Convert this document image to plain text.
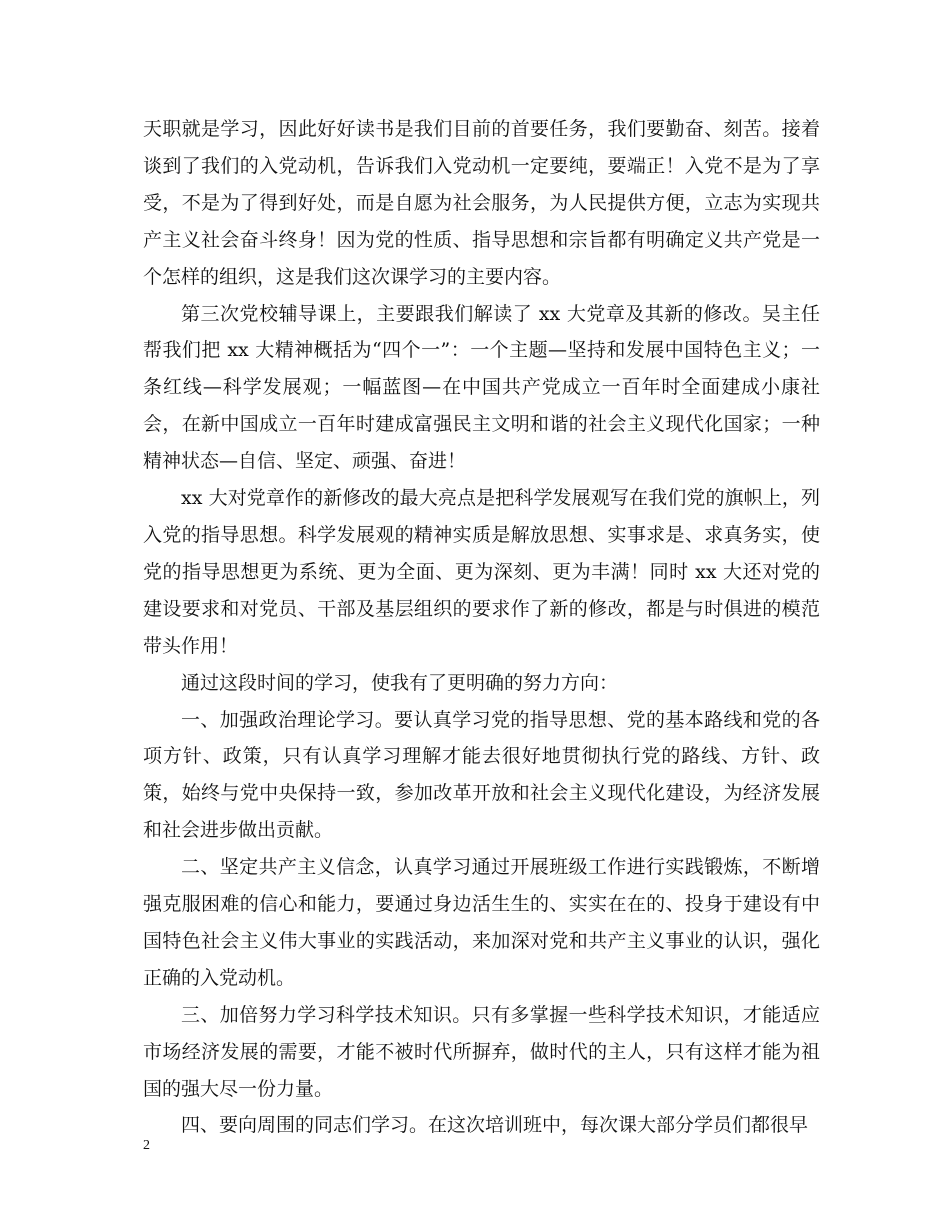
天职就是学习，因此好好读书是我们目前的首要任务，我们要勤奋、刻苦。接着谈到了我们的入党动机，告诉我们入党动机一定要纯，要端正！入党不是为了享受，不是为了得到好处，而是自愿为社会服务，为人民提供方便，立志为实现共产主义社会奋斗终身！因为党的性质、指导思想和宗旨都有明确定义共产党是一个怎样的组织，这是我们这次课学习的主要内容。

第三次党校辅导课上，主要跟我们解读了 xx 大党章及其新的修改。吴主任帮我们把 xx 大精神概括为“四个一”：一个主题—坚持和发展中国特色主义；一条红线—科学发展观；一幅蓝图—在中国共产党成立一百年时全面建成小康社会，在新中国成立一百年时建成富强民主文明和谐的社会主义现代化国家；一种精神状态—自信、坚定、顽强、奋进！

xx 大对党章作的新修改的最大亮点是把科学发展观写在我们党的旗帜上，列入党的指导思想。科学发展观的精神实质是解放思想、实事求是、求真务实，使党的指导思想更为系统、更为全面、更为深刻、更为丰满！同时 xx 大还对党的建设要求和对党员、干部及基层组织的要求作了新的修改，都是与时俱进的模范带头作用！

通过这段时间的学习，使我有了更明确的努力方向：

一、加强政治理论学习。要认真学习党的指导思想、党的基本路线和党的各项方针、政策，只有认真学习理解才能去很好地贯彻执行党的路线、方针、政策，始终与党中央保持一致，参加改革开放和社会主义现代化建设，为经济发展和社会进步做出贡献。

二、坚定共产主义信念，认真学习通过开展班级工作进行实践锻炼，不断增强克服困难的信心和能力，要通过身边活生生的、实实在在的、投身于建设有中国特色社会主义伟大事业的实践活动，来加深对党和共产主义事业的认识，强化正确的入党动机。

三、加倍努力学习科学技术知识。只有多掌握一些科学技术知识，才能适应市场经济发展的需要，才能不被时代所摒弃，做时代的主人，只有这样才能为祖国的强大尽一份力量。

四、要向周围的同志们学习。在这次培训班中，每次课大部分学员们都很早

2
